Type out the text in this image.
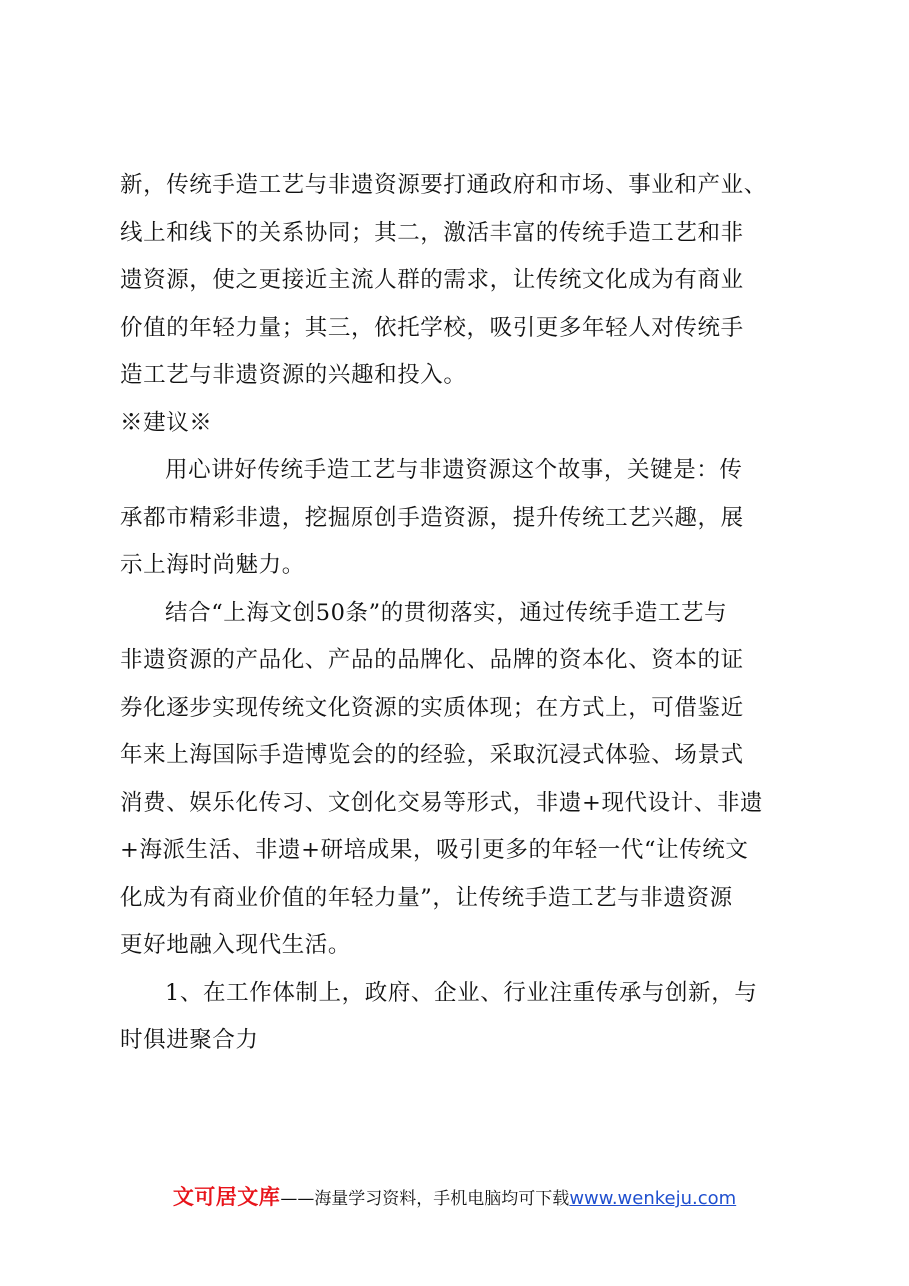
新，传统手造工艺与非遗资源要打通政府和市场、事业和产业、
线上和线下的关系协同；其二，激活丰富的传统手造工艺和非
遗资源，使之更接近主流人群的需求，让传统文化成为有商业
价值的年轻力量；其三，依托学校，吸引更多年轻人对传统手
造工艺与非遗资源的兴趣和投入。
※建议※
用心讲好传统手造工艺与非遗资源这个故事，关键是：传
承都市精彩非遗，挖掘原创手造资源，提升传统工艺兴趣，展
示上海时尚魅力。
结合“上海文创50条”的贯彻落实，通过传统手造工艺与
非遗资源的产品化、产品的品牌化、品牌的资本化、资本的证
券化逐步实现传统文化资源的实质体现；在方式上，可借鉴近
年来上海国际手造博览会的的经验，采取沉浸式体验、场景式
消费、娱乐化传习、文创化交易等形式，非遗+现代设计、非遗
+海派生活、非遗+研培成果，吸引更多的年轻一代“让传统文
化成为有商业价值的年轻力量”，让传统手造工艺与非遗资源
更好地融入现代生活。
1、在工作体制上，政府、企业、行业注重传承与创新，与
时俱进聚合力
文可居文库——海量学习资料，手机电脑均可下载www.wenkeju.com
